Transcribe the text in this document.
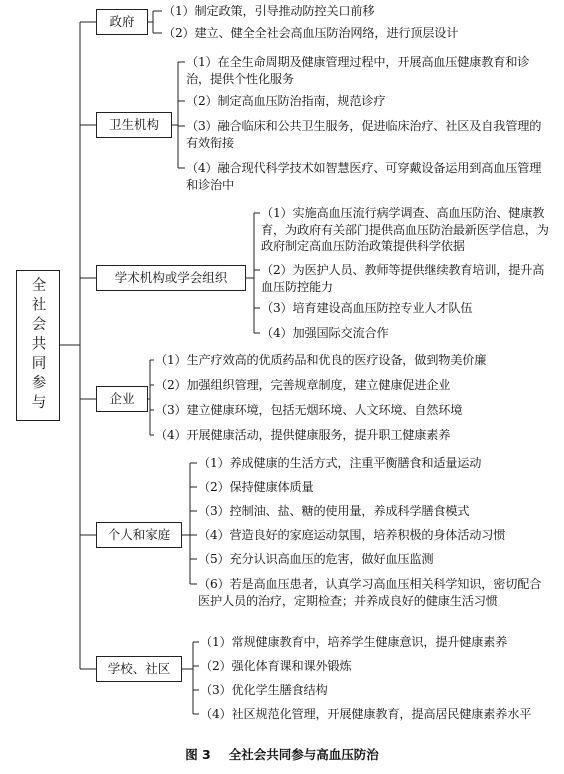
全社会共同参与
政府
（1）制定政策，引导推动防控关口前移
（2）建立、健全全社会高血压防治网络，进行顶层设计
卫生机构
（1）在全生命周期及健康管理过程中，开展高血压健康教育和诊治，提供个性化服务
（2）制定高血压防治指南，规范诊疗
（3）融合临床和公共卫生服务，促进临床治疗、社区及自我管理的有效衔接
（4）融合现代科学技术如智慧医疗、可穿戴设备运用到高血压管理和诊治中
学术机构或学会组织
（1）实施高血压流行病学调查、高血压防治、健康教育，为政府有关部门提供高血压防治最新医学信息，为政府制定高血压防治政策提供科学依据
（2）为医护人员、教师等提供继续教育培训，提升高血压防控能力
（3）培育建设高血压防控专业人才队伍
（4）加强国际交流合作
企业
（1）生产疗效高的优质药品和优良的医疗设备，做到物美价廉
（2）加强组织管理，完善规章制度，建立健康促进企业
（3）建立健康环境，包括无烟环境、人文环境、自然环境
（4）开展健康活动，提供健康服务，提升职工健康素养
个人和家庭
（1）养成健康的生活方式，注重平衡膳食和适量运动
（2）保持健康体质量
（3）控制油、盐、糖的使用量，养成科学膳食模式
（4）营造良好的家庭运动氛围，培养积极的身体活动习惯
（5）充分认识高血压的危害，做好血压监测
（6）若是高血压患者，认真学习高血压相关科学知识，密切配合医护人员的治疗，定期检查；并养成良好的健康生活习惯
学校、社区
（1）常规健康教育中，培养学生健康意识，提升健康素养
（2）强化体育课和课外锻炼
（3）优化学生膳食结构
（4）社区规范化管理，开展健康教育，提高居民健康素养水平
图 3 全社会共同参与高血压防治
